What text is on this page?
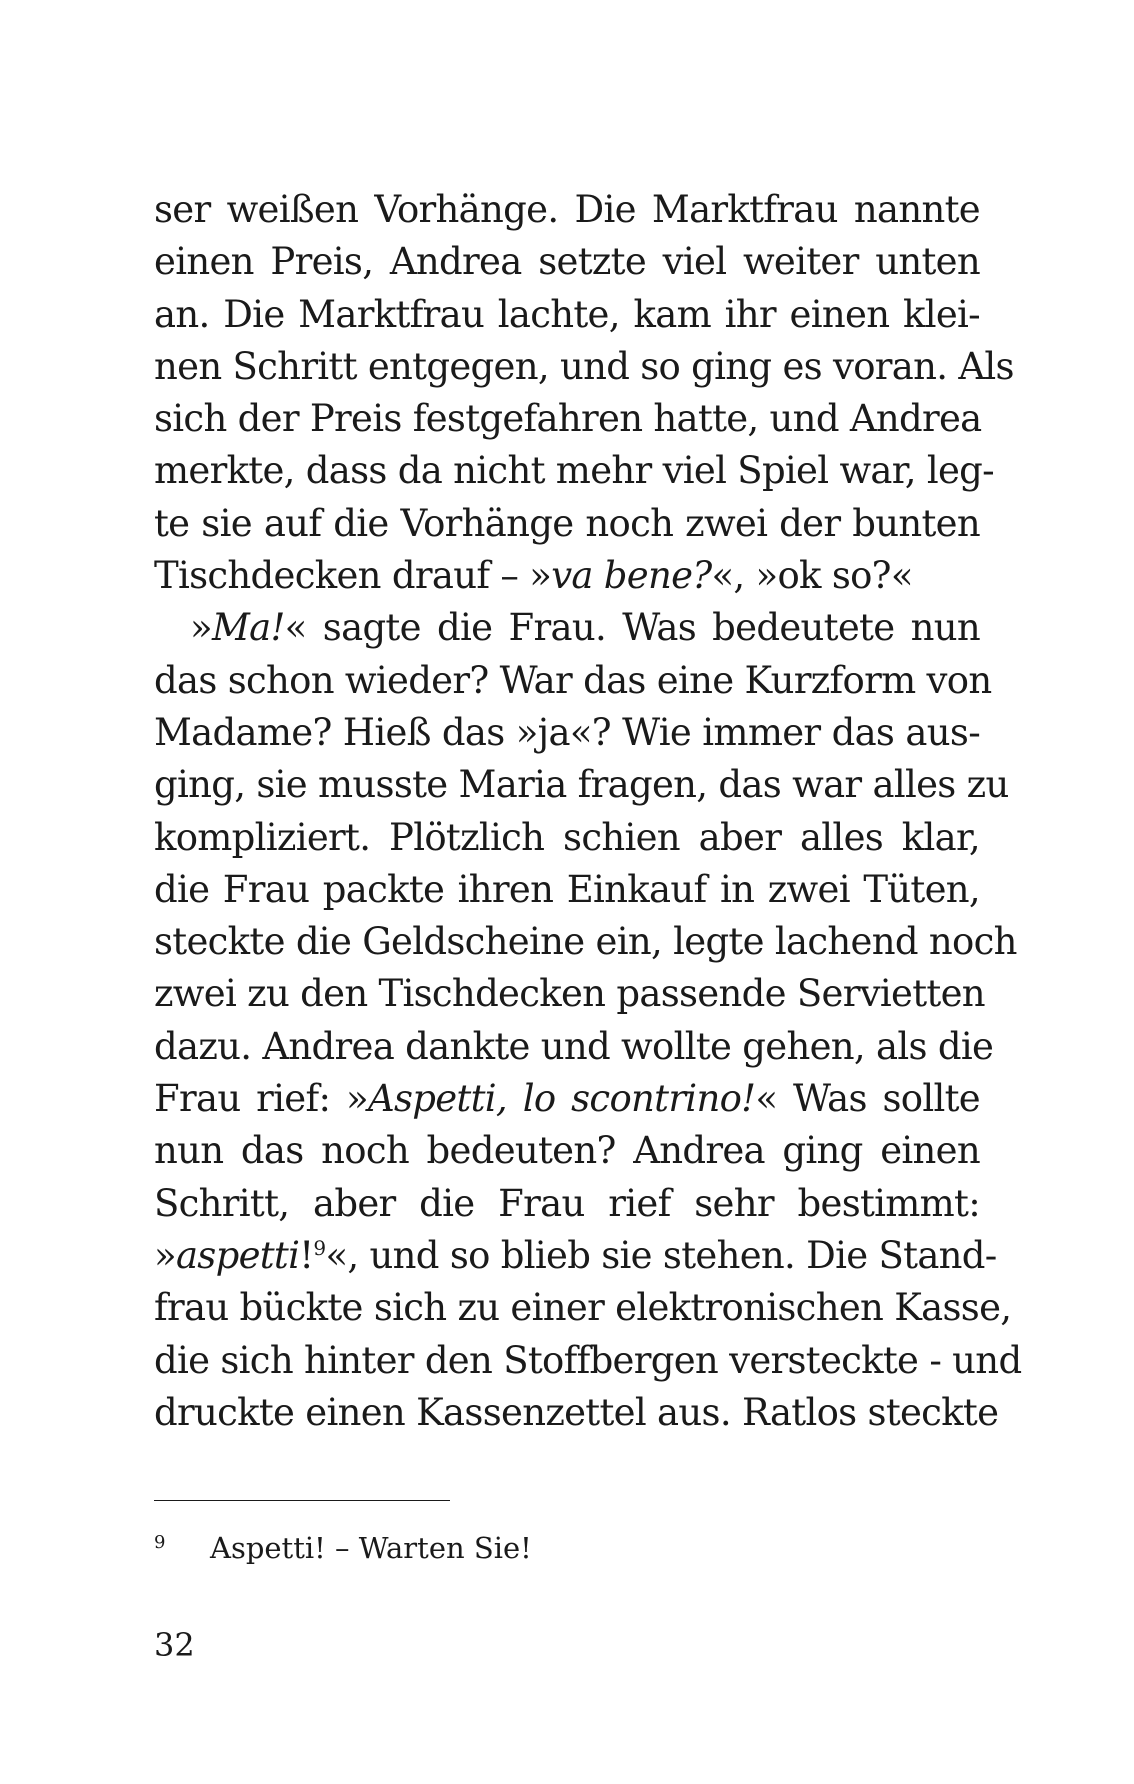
ser weißen Vorhänge. Die Marktfrau nannte
einen Preis, Andrea setzte viel weiter unten
an. Die Marktfrau lachte, kam ihr einen klei-
nen Schritt entgegen, und so ging es voran. Als
sich der Preis festgefahren hatte, und Andrea
merkte, dass da nicht mehr viel Spiel war, leg-
te sie auf die Vorhänge noch zwei der bunten
Tischdecken drauf – »va bene?«, »ok so?«
»Ma!« sagte die Frau. Was bedeutete nun
das schon wieder? War das eine Kurzform von
Madame? Hieß das »ja«? Wie immer das aus-
ging, sie musste Maria fragen, das war alles zu
kompliziert. Plötzlich schien aber alles klar,
die Frau packte ihren Einkauf in zwei Tüten,
steckte die Geldscheine ein, legte lachend noch
zwei zu den Tischdecken passende Servietten
dazu. Andrea dankte und wollte gehen, als die
Frau rief: »Aspetti, lo scontrino!« Was sollte
nun das noch bedeuten? Andrea ging einen
Schritt, aber die Frau rief sehr bestimmt:
»aspetti!$^9$«, und so blieb sie stehen. Die Stand-
frau bückte sich zu einer elektronischen Kasse,
die sich hinter den Stoffbergen versteckte - und
druckte einen Kassenzettel aus. Ratlos steckte
9 Aspetti! – Warten Sie!
32
